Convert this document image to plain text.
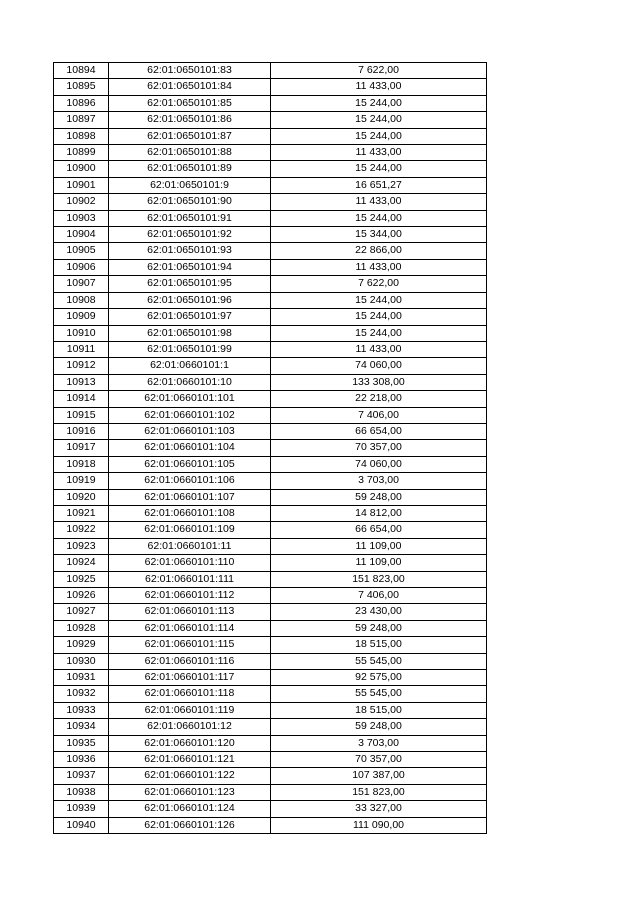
10894	62:01:0650101:83	7 622,00
10895	62:01:0650101:84	11 433,00
10896	62:01:0650101:85	15 244,00
10897	62:01:0650101:86	15 244,00
10898	62:01:0650101:87	15 244,00
10899	62:01:0650101:88	11 433,00
10900	62:01:0650101:89	15 244,00
10901	62:01:0650101:9	16 651,27
10902	62:01:0650101:90	11 433,00
10903	62:01:0650101:91	15 244,00
10904	62:01:0650101:92	15 344,00
10905	62:01:0650101:93	22 866,00
10906	62:01:0650101:94	11 433,00
10907	62:01:0650101:95	7 622,00
10908	62:01:0650101:96	15 244,00
10909	62:01:0650101:97	15 244,00
10910	62:01:0650101:98	15 244,00
10911	62:01:0650101:99	11 433,00
10912	62:01:0660101:1	74 060,00
10913	62:01:0660101:10	133 308,00
10914	62:01:0660101:101	22 218,00
10915	62:01:0660101:102	7 406,00
10916	62:01:0660101:103	66 654,00
10917	62:01:0660101:104	70 357,00
10918	62:01:0660101:105	74 060,00
10919	62:01:0660101:106	3 703,00
10920	62:01:0660101:107	59 248,00
10921	62:01:0660101:108	14 812,00
10922	62:01:0660101:109	66 654,00
10923	62:01:0660101:11	11 109,00
10924	62:01:0660101:110	11 109,00
10925	62:01:0660101:111	151 823,00
10926	62:01:0660101:112	7 406,00
10927	62:01:0660101:113	23 430,00
10928	62:01:0660101:114	59 248,00
10929	62:01:0660101:115	18 515,00
10930	62:01:0660101:116	55 545,00
10931	62:01:0660101:117	92 575,00
10932	62:01:0660101:118	55 545,00
10933	62:01:0660101:119	18 515,00
10934	62:01:0660101:12	59 248,00
10935	62:01:0660101:120	3 703,00
10936	62:01:0660101:121	70 357,00
10937	62:01:0660101:122	107 387,00
10938	62:01:0660101:123	151 823,00
10939	62:01:0660101:124	33 327,00
10940	62:01:0660101:126	111 090,00
